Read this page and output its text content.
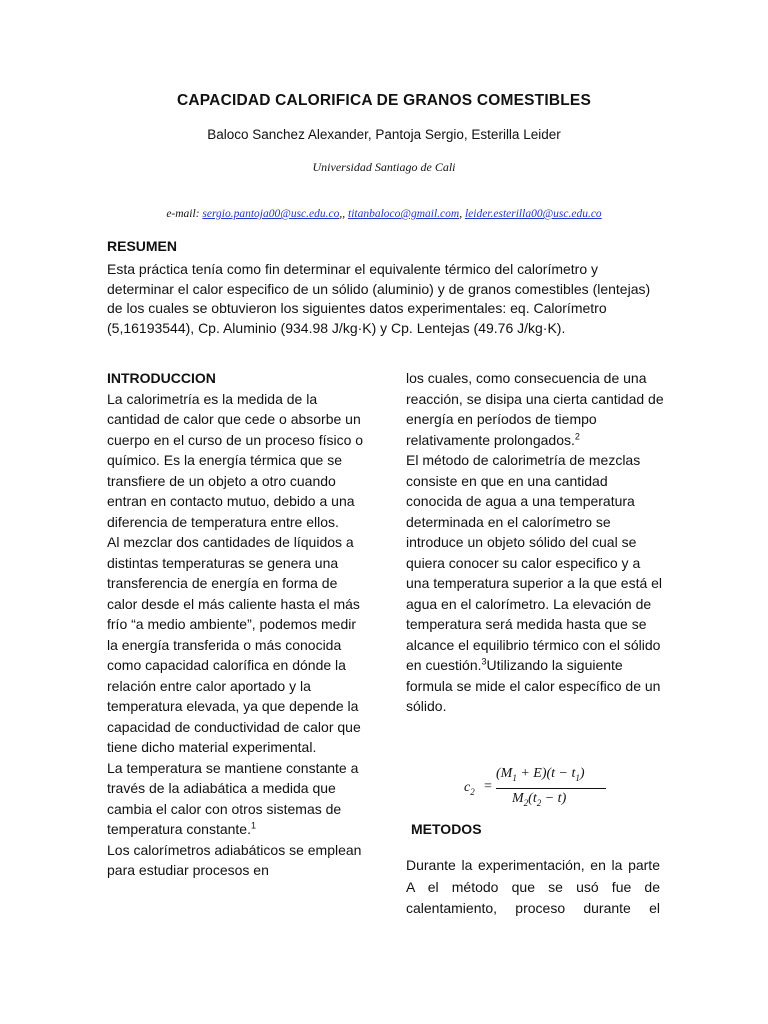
CAPACIDAD CALORIFICA DE GRANOS COMESTIBLES
Baloco Sanchez Alexander, Pantoja Sergio, Esterilla Leider
Universidad Santiago de Cali
e-mail: sergio.pantoja00@usc.edu.co,, titanbaloco@gmail.com, leider.esterilla00@usc.edu.co
RESUMEN
Esta práctica tenía como fin determinar el equivalente térmico del calorímetro y determinar el calor especifico de un sólido (aluminio) y de granos comestibles (lentejas) de los cuales se obtuvieron los siguientes datos experimentales: eq. Calorímetro (5,16193544), Cp. Aluminio (934.98 J/kg·K) y Cp. Lentejas (49.76 J/kg·K).

INTRODUCCION

La calorimetría es la medida de la cantidad de calor que cede o absorbe un cuerpo en el curso de un proceso físico o químico. Es la energía térmica que se transfiere de un objeto a otro cuando entran en contacto mutuo, debido a una diferencia de temperatura entre ellos.

Al mezclar dos cantidades de líquidos a distintas temperaturas se genera una transferencia de energía en forma de calor desde el más caliente hasta el más frío “a medio ambiente”, podemos medir la energía transferida o más conocida como capacidad calorífica en dónde la relación entre calor aportado y la temperatura elevada, ya que depende la capacidad de conductividad de calor que tiene dicho material experimental.

La temperatura se mantiene constante a través de la adiabática a medida que cambia el calor con otros sistemas de temperatura constante.$^1$

Los calorímetros adiabáticos se emplean para estudiar procesos en

los cuales, como consecuencia de una reacción, se disipa una cierta cantidad de energía en períodos de tiempo relativamente prolongados.$^2$

El método de calorimetría de mezclas consiste en que en una cantidad conocida de agua a una temperatura determinada en el calorímetro se introduce un objeto sólido del cual se quiera conocer su calor especifico y a una temperatura superior a la que está el agua en el calorímetro. La elevación de temperatura será medida hasta que se alcance el equilibrio térmico con el sólido en cuestión.$^3$Utilizando la siguiente formula se mide el calor específico de un sólido.

$c_2$ =
$(M_1 + E)(t - t_1)$
$M_2(t_2 - t)$
METODOS
Durante la experimentación, en la parte A el método que se usó fue de calentamiento, proceso durante el
